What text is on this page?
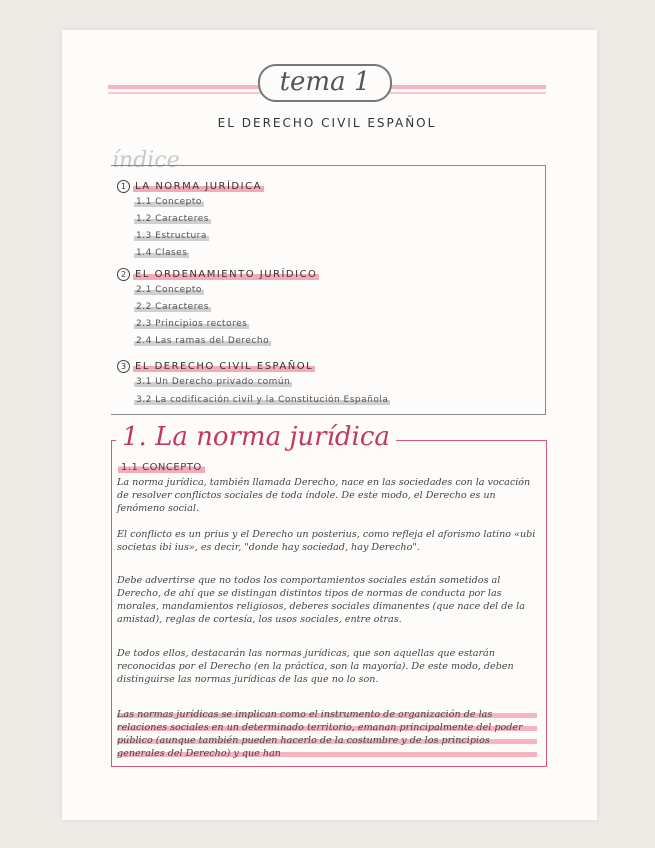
tema 1
EL DERECHO CIVIL ESPAÑOL
índice
1 LA NORMA JURÍDICA
1.1 Concepto
1.2 Caracteres
1.3 Estructura
1.4 Clases
2 EL ORDENAMIENTO JURÍDICO
2.1 Concepto
2.2 Caracteres
2.3 Principios rectores
2.4 Las ramas del Derecho
3 EL DERECHO CIVIL ESPAÑOL
3.1 Un Derecho privado común
3.2 La codificación civil y la Constitución Española
1. La norma jurídica
1.1 CONCEPTO
La norma jurídica, también llamada Derecho, nace en las sociedades con la vocación de resolver conflictos sociales de toda índole. De este modo, el Derecho es un fenómeno social.
El conflicto es un prius y el Derecho un posterius, como refleja el aforismo latino «ubi societas ibi ius», es decir, "donde hay sociedad, hay Derecho".
Debe advertirse que no todos los comportamientos sociales están sometidos al Derecho, de ahí que se distingan distintos tipos de normas de conducta por las morales, mandamientos religiosos, deberes sociales dimanentes (que nace del de la amistad), reglas de cortesía, los usos sociales, entre otras.
De todos ellos, destacarán las normas jurídicas, que son aquellas que estarán reconocidas por el Derecho (en la práctica, son la mayoría). De este modo, deben distinguirse las normas jurídicas de las que no lo son.
Las normas jurídicas se implican como el instrumento de organización de las relaciones sociales en un determinado territorio, emanan principalmente del poder público (aunque también pueden hacerlo de la costumbre y de los principios generales del Derecho) y que han
